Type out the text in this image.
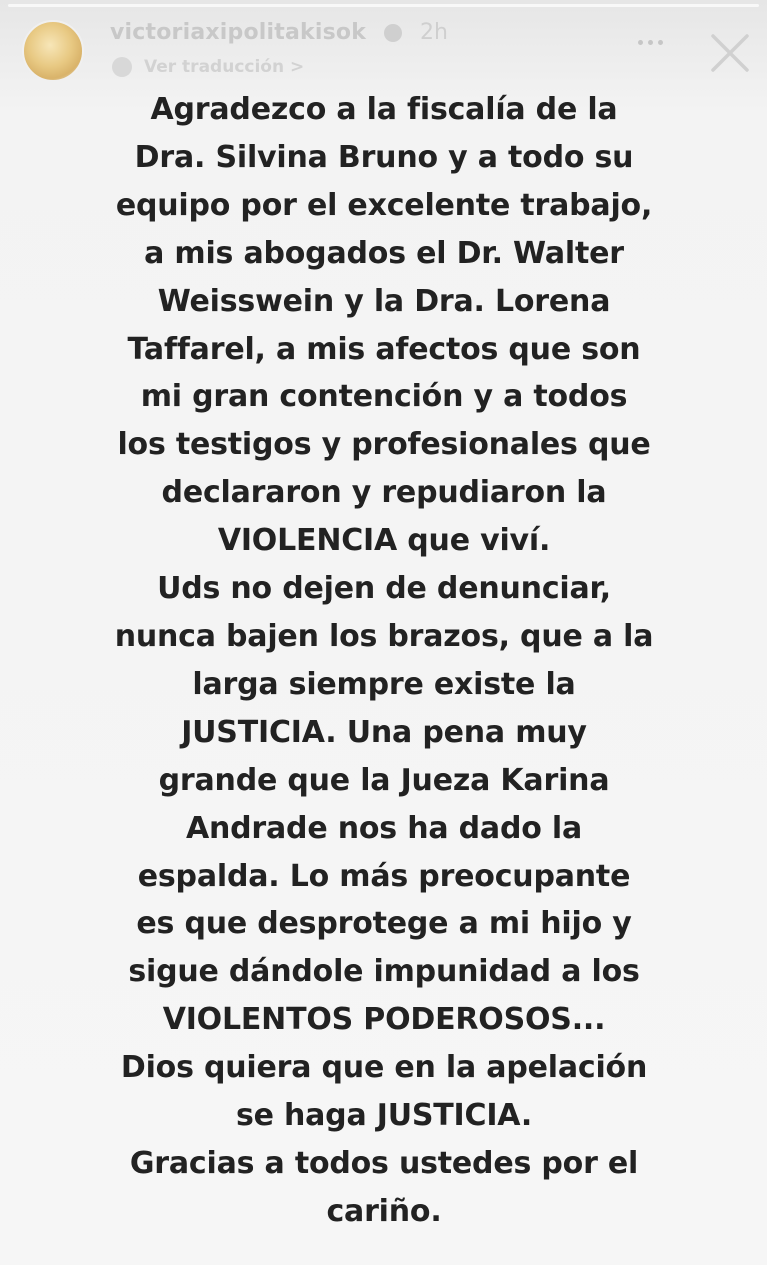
victoriaxipolitakisok 2h
Ver traducción >
Agradezco a la fiscalía de la
Dra. Silvina Bruno y a todo su
equipo por el excelente trabajo,
a mis abogados el Dr. Walter
Weisswein y la Dra. Lorena
Taffarel, a mis afectos que son
mi gran contención y a todos
los testigos y profesionales que
declararon y repudiaron la
VIOLENCIA que viví.
Uds no dejen de denunciar,
nunca bajen los brazos, que a la
larga siempre existe la
JUSTICIA. Una pena muy
grande que la Jueza Karina
Andrade nos ha dado la
espalda. Lo más preocupante
es que desprotege a mi hijo y
sigue dándole impunidad a los
VIOLENTOS PODEROSOS...
Dios quiera que en la apelación
se haga JUSTICIA.
Gracias a todos ustedes por el
cariño.
